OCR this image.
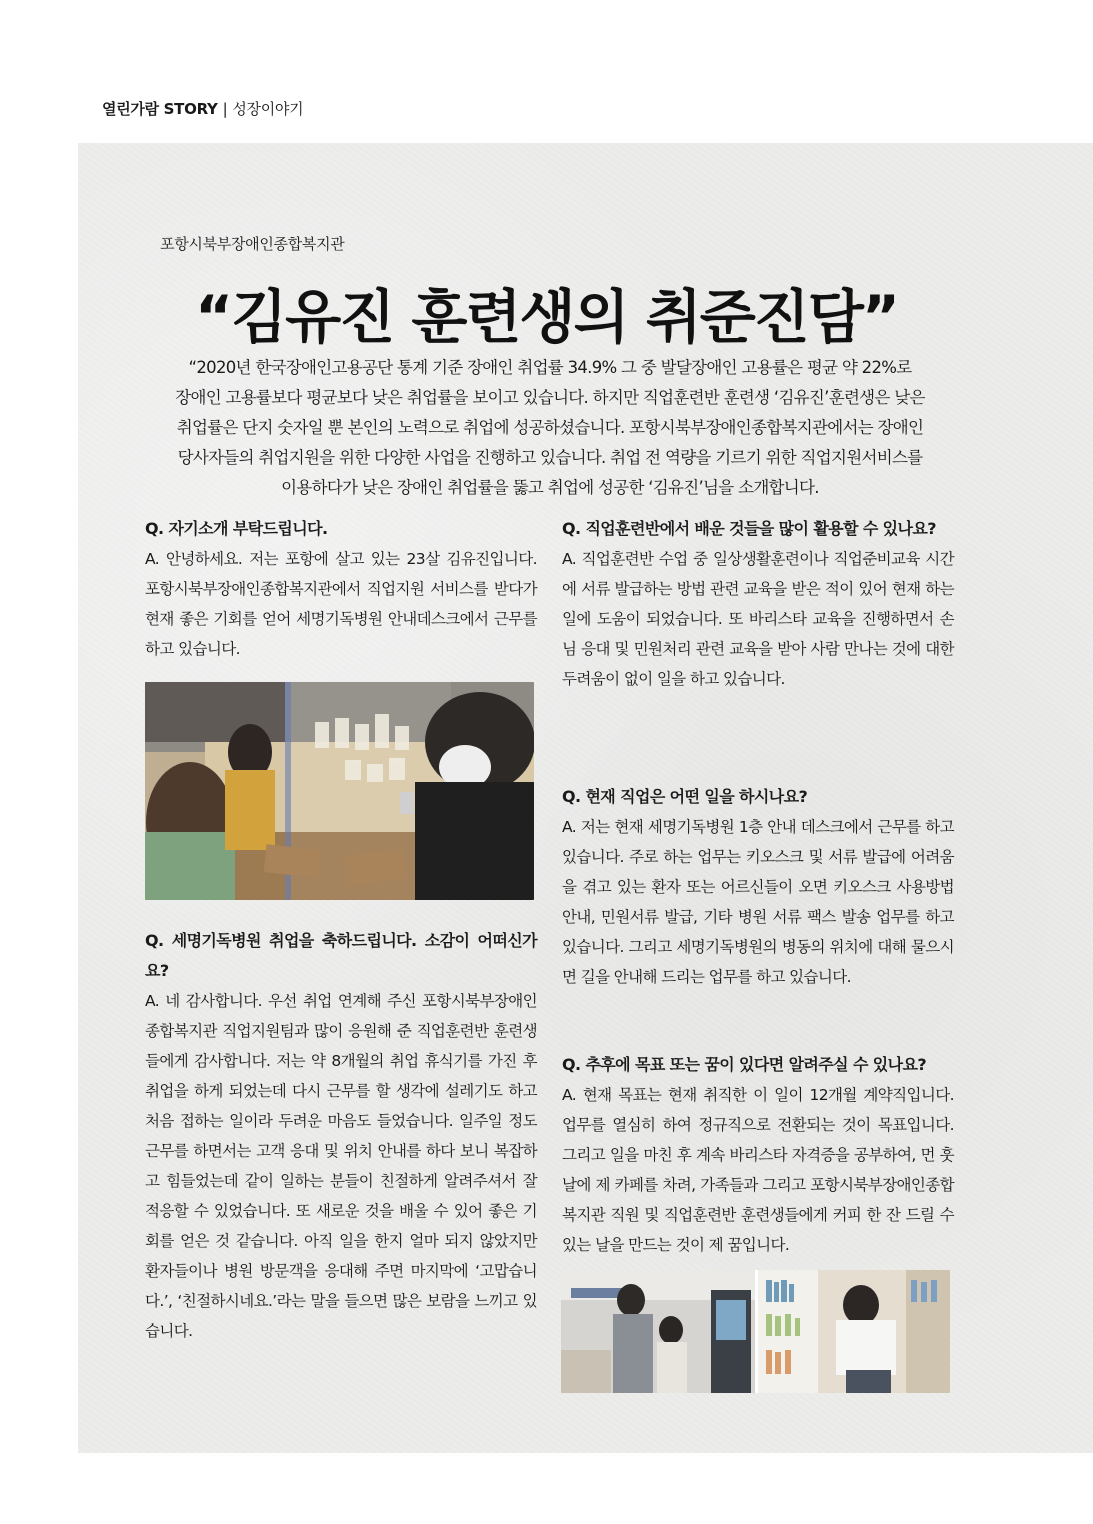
열린가람 STORY | 성장이야기
포항시북부장애인종합복지관
“김유진 훈련생의 취준진담”

“2020년 한국장애인고용공단 통계 기준 장애인 취업률 34.9% 그 중 발달장애인 고용률은 평균 약 22%로

장애인 고용률보다 평균보다 낮은 취업률을 보이고 있습니다. 하지만 직업훈련반 훈련생 ‘김유진’훈련생은 낮은

취업률은 단지 숫자일 뿐 본인의 노력으로 취업에 성공하셨습니다. 포항시북부장애인종합복지관에서는 장애인

당사자들의 취업지원을 위한 다양한 사업을 진행하고 있습니다. 취업 전 역량을 기르기 위한 직업지원서비스를

이용하다가 낮은 장애인 취업률을 뚫고 취업에 성공한 ‘김유진’님을 소개합니다.

Q. 자기소개 부탁드립니다.

A. 안녕하세요. 저는 포항에 살고 있는 23살 김유진입니다. 포항시북부장애인종합복지관에서 직업지원 서비스를 받다가 현재 좋은 기회를 얻어 세명기독병원 안내데스크에서 근무를 하고 있습니다.

Q. 세명기독병원 취업을 축하드립니다. 소감이 어떠신가요?

A. 네 감사합니다. 우선 취업 연계해 주신 포항시북부장애인종합복지관 직업지원팀과 많이 응원해 준 직업훈련반 훈련생들에게 감사합니다. 저는 약 8개월의 취업 휴식기를 가진 후 취업을 하게 되었는데 다시 근무를 할 생각에 설레기도 하고 처음 접하는 일이라 두려운 마음도 들었습니다. 일주일 정도 근무를 하면서는 고객 응대 및 위치 안내를 하다 보니 복잡하고 힘들었는데 같이 일하는 분들이 친절하게 알려주셔서 잘 적응할 수 있었습니다. 또 새로운 것을 배울 수 있어 좋은 기회를 얻은 것 같습니다. 아직 일을 한지 얼마 되지 않았지만 환자들이나 병원 방문객을 응대해 주면 마지막에 ‘고맙습니다.’, ‘친절하시네요.’라는 말을 들으면 많은 보람을 느끼고 있습니다.

Q. 직업훈련반에서 배운 것들을 많이 활용할 수 있나요?

A. 직업훈련반 수업 중 일상생활훈련이나 직업준비교육 시간에 서류 발급하는 방법 관련 교육을 받은 적이 있어 현재 하는 일에 도움이 되었습니다. 또 바리스타 교육을 진행하면서 손님 응대 및 민원처리 관련 교육을 받아 사람 만나는 것에 대한 두려움이 없이 일을 하고 있습니다.

Q. 현재 직업은 어떤 일을 하시나요?

A. 저는 현재 세명기독병원 1층 안내 데스크에서 근무를 하고 있습니다. 주로 하는 업무는 키오스크 및 서류 발급에 어려움을 겪고 있는 환자 또는 어르신들이 오면 키오스크 사용방법 안내, 민원서류 발급, 기타 병원 서류 팩스 발송 업무를 하고 있습니다. 그리고 세명기독병원의 병동의 위치에 대해 물으시면 길을 안내해 드리는 업무를 하고 있습니다.

Q. 추후에 목표 또는 꿈이 있다면 알려주실 수 있나요?

A. 현재 목표는 현재 취직한 이 일이 12개월 계약직입니다. 업무를 열심히 하여 정규직으로 전환되는 것이 목표입니다. 그리고 일을 마친 후 계속 바리스타 자격증을 공부하여, 먼 훗날에 제 카페를 차려, 가족들과 그리고 포항시북부장애인종합복지관 직원 및 직업훈련반 훈련생들에게 커피 한 잔 드릴 수 있는 날을 만드는 것이 제 꿈입니다.
